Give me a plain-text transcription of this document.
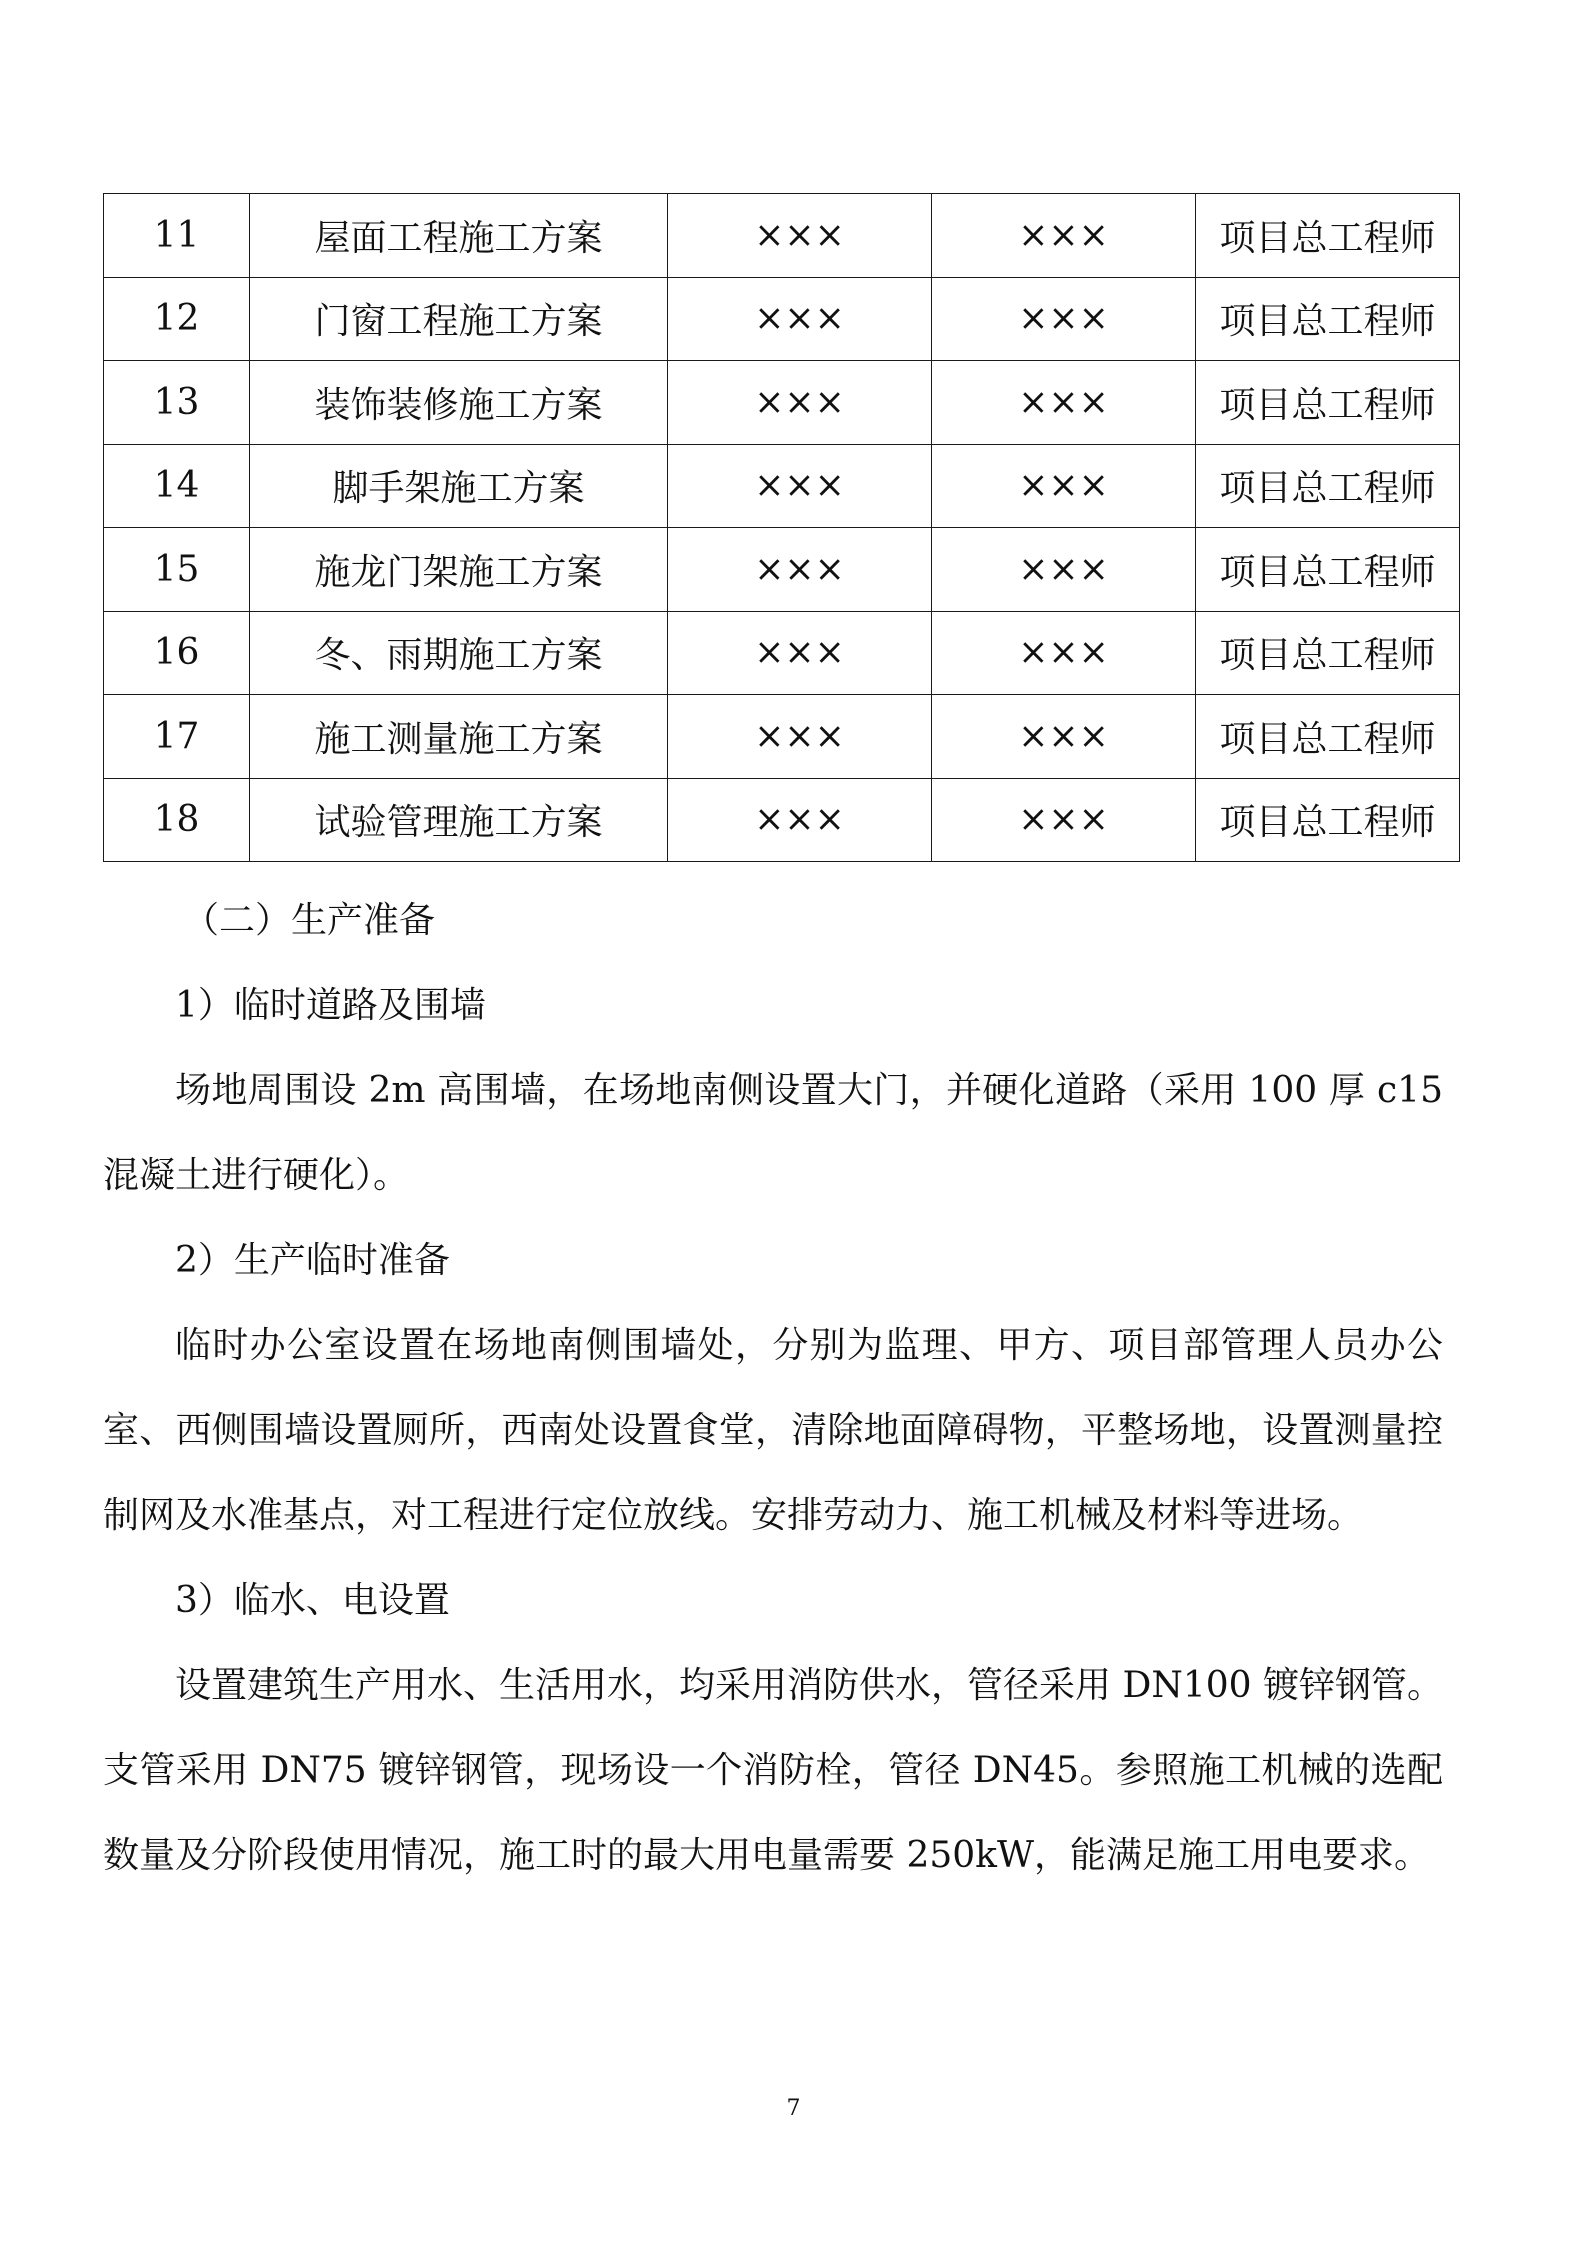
11	屋面工程施工方案	×××	×××	项目总工程师
12	门窗工程施工方案	×××	×××	项目总工程师
13	装饰装修施工方案	×××	×××	项目总工程师
14	脚手架施工方案	×××	×××	项目总工程师
15	施龙门架施工方案	×××	×××	项目总工程师
16	冬、雨期施工方案	×××	×××	项目总工程师
17	施工测量施工方案	×××	×××	项目总工程师
18	试验管理施工方案	×××	×××	项目总工程师

（二）生产准备

1）临时道路及围墙

场地周围设 2m 高围墙，在场地南侧设置大门，并硬化道路（采用 100 厚 c15 混凝土进行硬化）。

2）生产临时准备

临时办公室设置在场地南侧围墙处，分别为监理、甲方、项目部管理人员办公室、西侧围墙设置厕所，西南处设置食堂，清除地面障碍物，平整场地，设置测量控制网及水准基点，对工程进行定位放线。安排劳动力、施工机械及材料等进场。

3）临水、电设置

设置建筑生产用水、生活用水，均采用消防供水，管径采用 DN100 镀锌钢管。支管采用 DN75 镀锌钢管，现场设一个消防栓，管径 DN45。参照施工机械的选配数量及分阶段使用情况，施工时的最大用电量需要 250kW，能满足施工用电要求。

7
